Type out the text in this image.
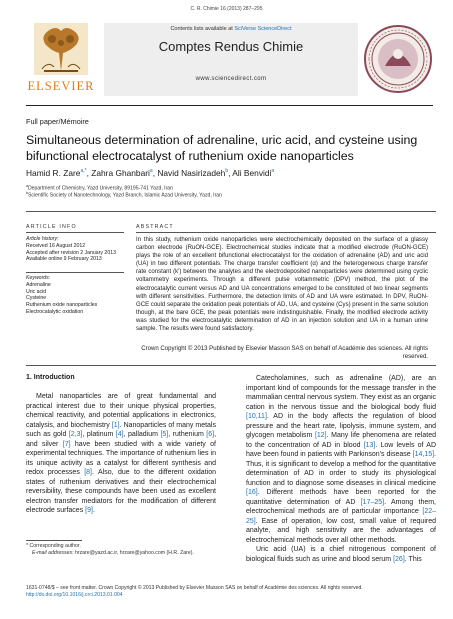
C. R. Chimie 16 (2013) 287–295
ELSEVIER
Contents lists available at SciVerse ScienceDirect
Comptes Rendus Chimie
www.sciencedirect.com
Full paper/Mémoire
Simultaneous determination of adrenaline, uric acid, and cysteine using bifunctional electrocatalyst of ruthenium oxide nanoparticles
Hamid R. Zare$^{a,*}$, Zahra Ghanbari$^a$, Navid Nasirizadeh$^b$, Ali Benvidi$^a$
$^a$Department of Chemistry, Yazd University, 89195-741 Yazd, Iran
$^b$Scientific Society of Nanotechnology, Yazd Branch, Islamic Azad University, Yazd, Iran
ARTICLE INFO	ABSTRACT
Article history:
Received 16 August 2012
Accepted after revision 2 January 2013
Available online 9 February 2013
Keywords:
Adrenaline
Uric acid
Cysteine
Ruthenium oxide nanoparticles
Electrocatalytic oxidation
In this study, ruthenium oxide nanoparticles were electrochemically deposited on the surface of a glassy carbon electrode (RuON-GCE). Electrochemical studies indicate that a modified electrode (RuON-GCE) plays the role of an excellent bifunctional electrocatalyst for the oxidation of adrenaline (AD) and uric acid (UA) in two different potentials. The charge transfer coefficient (α) and the heterogeneous charge transfer rate constant (k′) between the analytes and the electrodeposited nanoparticles were determined using cyclic voltammetry experiments. Through a different pulse voltammetric (DPV) method, the plot of the electrocatalytic current versus AD and UA concentrations emerged to be constituted of two linear segments with different sensitivities. Furthermore, the detection limits of AD and UA were estimated. In DPV, RuON-GCE could separate the oxidation peak potentials of AD, UA, and cysteine (Cys) present in the same solution though, at the bare GCE, the peak potentials were indistinguishable. Finally, the modified electrode activity was studied for the electrocatalytic determination of AD in an injection solution and UA in a human urine sample. The results were found satisfactory.
Crown Copyright © 2013 Published by Elsevier Masson SAS on behalf of Académie des sciences. All rights reserved.
1. Introduction

Metal nanoparticles are of great fundamental and practical interest due to their unique physical properties, chemical reactivity, and potential applications in electronics, catalysis, and biochemistry [1]. Nanoparticles of many metals such as gold [2,3], platinum [4], palladium [5], ruthenium [6], and silver [7] have been studied with a wide variety of experimental techniques. The importance of ruthenium lies in its unique activity as a catalyst for different synthesis and redox processes [8]. Also, due to the different oxidation states of ruthenium derivatives and their electrochemical reversibility, these compounds have been used as excellent electron transfer mediators for the modification of different electrode surfaces [9].

Catecholamines, such as adrenaline (AD), are an important kind of compounds for the message transfer in the mammalian central nervous system. They exist as an organic cation in the nervous tissue and the biological body fluid [10,11]. AD in the body affects the regulation of blood pressure and the heart rate, lipolysis, immune system, and glycogen metabolism [12]. Many life phenomena are related to the concentration of AD in blood [13]. Low levels of AD have been found in patients with Parkinson's disease [14,15]. Thus, it is significant to develop a method for the quantitative determination of AD in order to study its physiological function and to diagnose some diseases in clinical medicine [16]. Different methods have been reported for the quantitative determination of AD [17–25]. Among them, electrochemical methods are of particular importance [22–25]. Ease of operation, low cost, small value of required analyte, and high sensitivity are the advantages of electrochemical methods over all other methods.

Uric acid (UA) is a chief nitrogenous component of biological fluids such as urine and blood serum [26]. This

* Corresponding author.
E-mail addresses: hrzare@yazd.ac.ir, hrzare@yahoo.com (H.R. Zare).
1631-0748/$ – see front matter. Crown Copyright © 2013 Published by Elsevier Masson SAS on behalf of Académie des sciences. All rights reserved.
http://dx.doi.org/10.1016/j.crci.2013.01.004
